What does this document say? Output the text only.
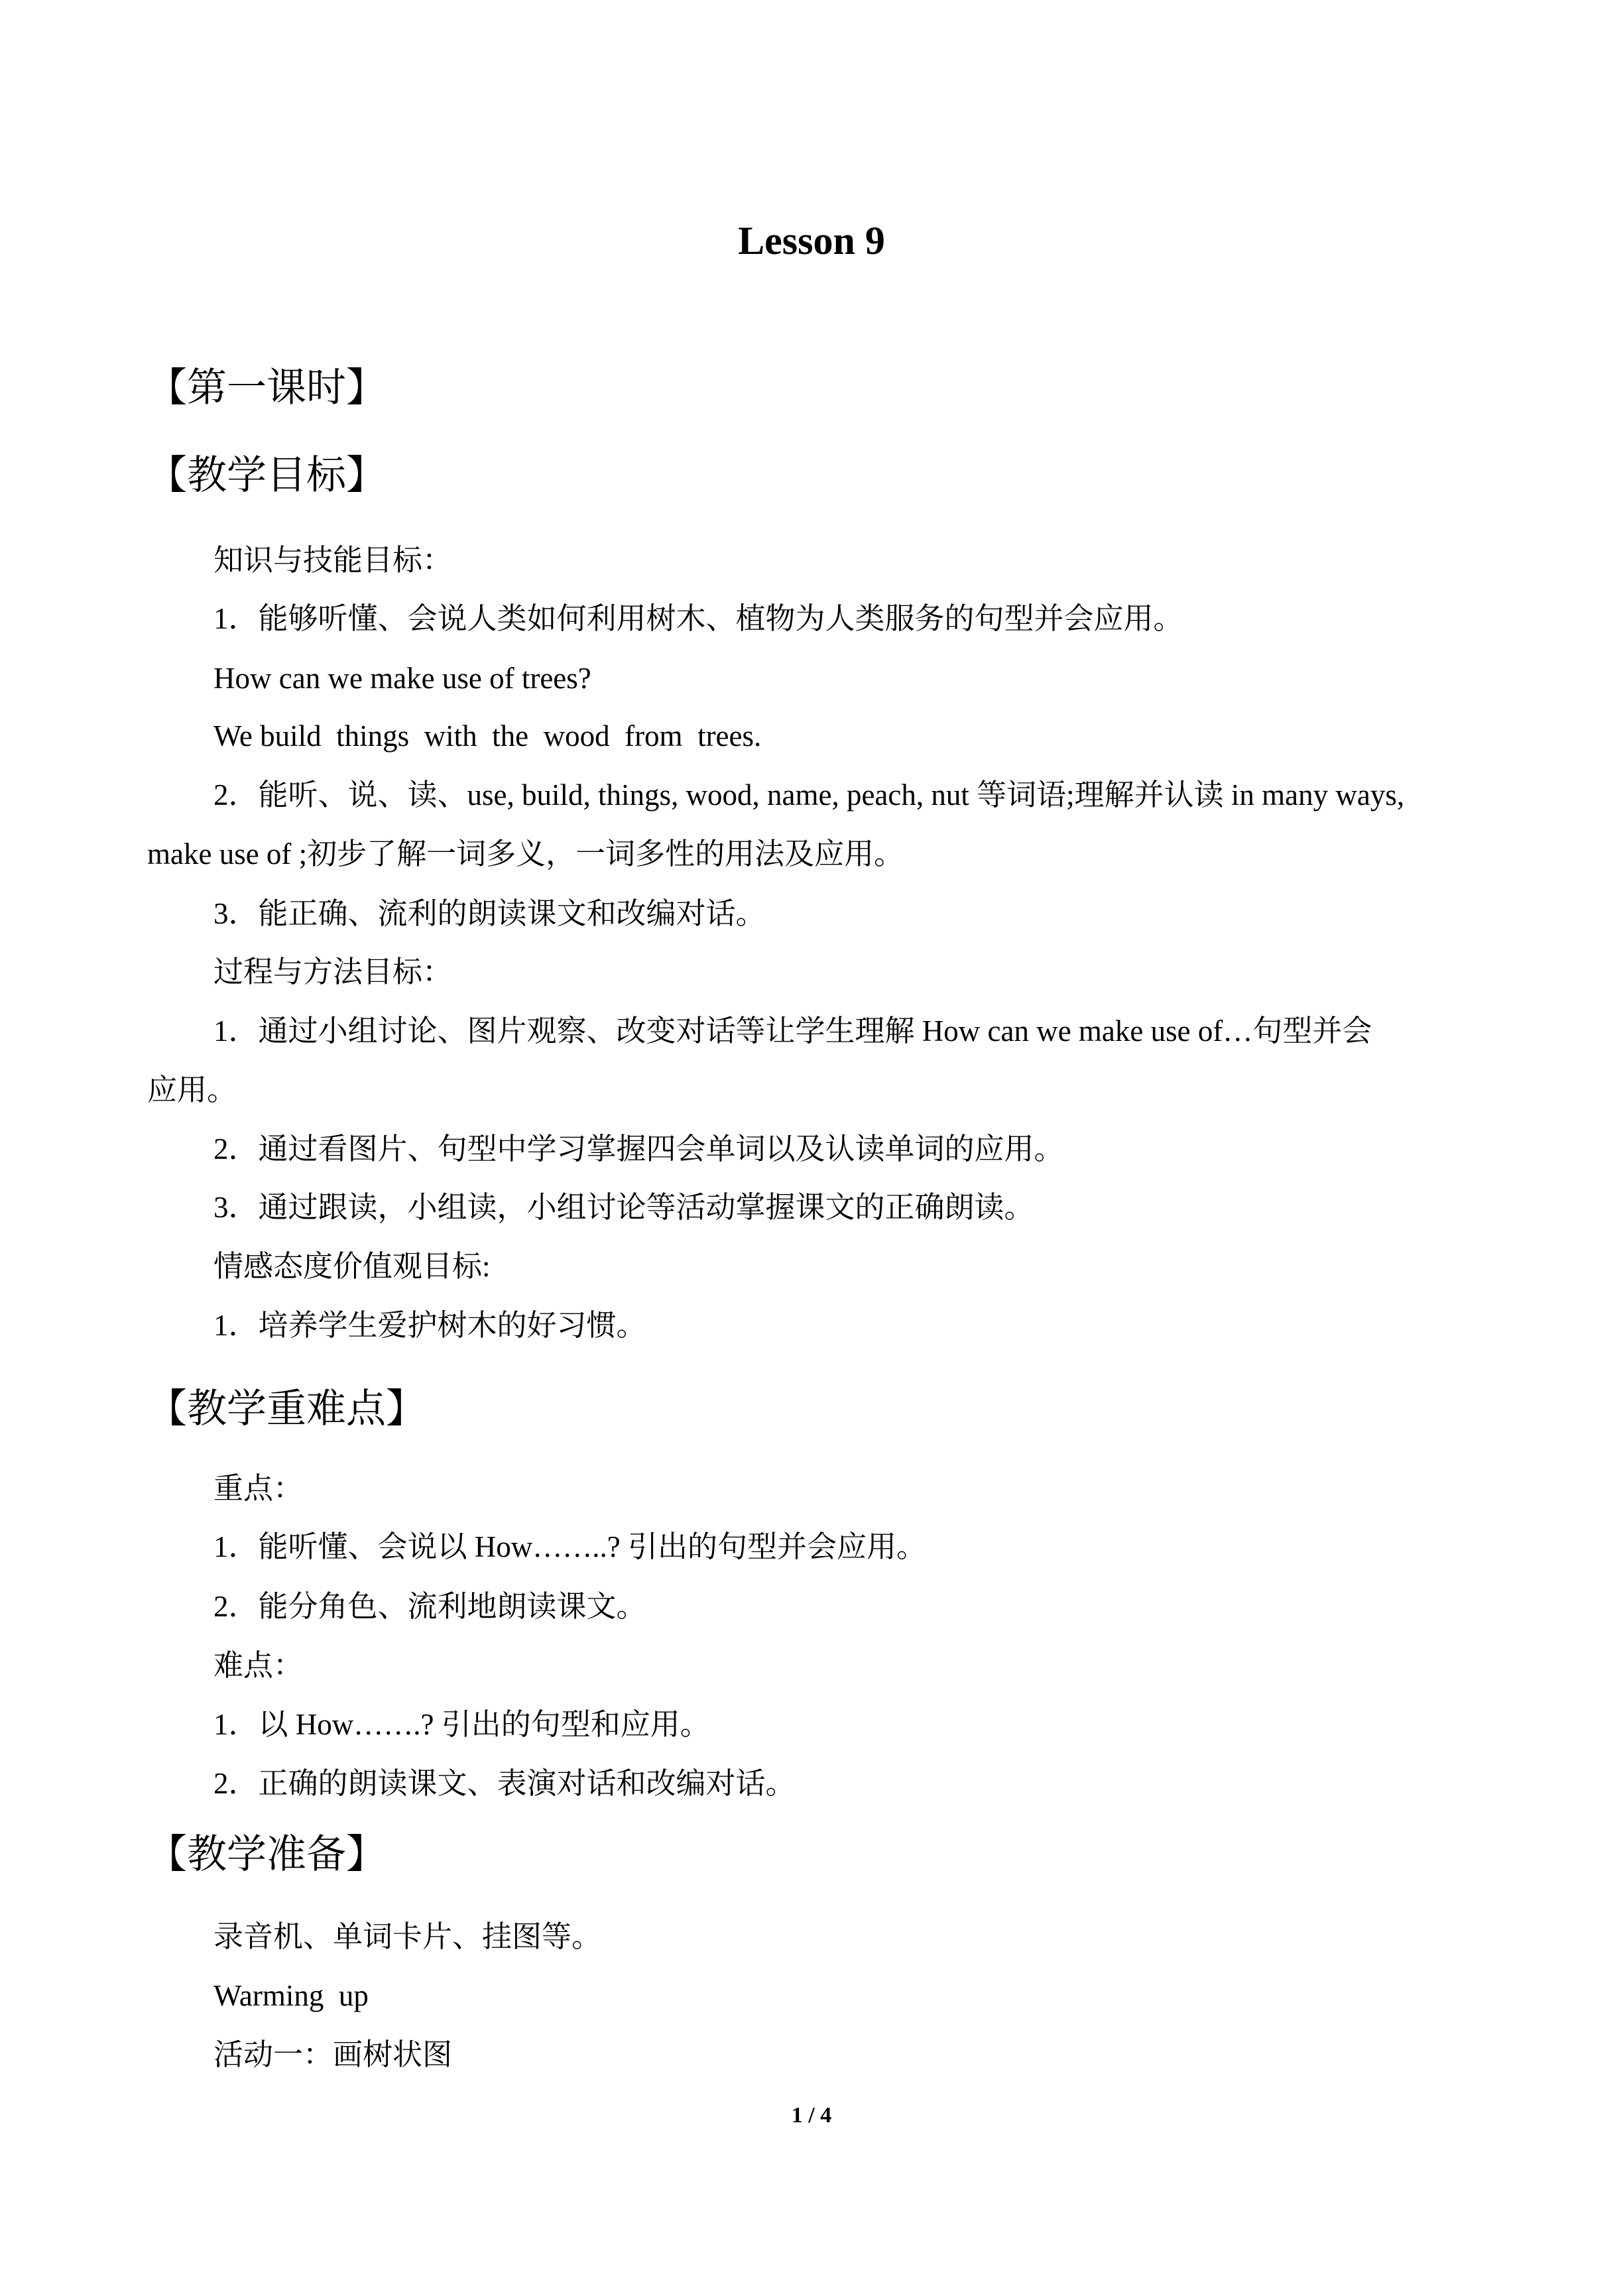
Lesson 9
【第一课时】
【教学目标】
知识与技能目标：
1．能够听懂、会说人类如何利用树木、植物为人类服务的句型并会应用。
How can we make use of trees?
We build  things  with  the  wood  from  trees.
2．能听、说、读、use, build, things, wood, name, peach, nut 等词语;理解并认读 in many ways,
make use of ;初步了解一词多义，一词多性的用法及应用。
3．能正确、流利的朗读课文和改编对话。
过程与方法目标：
1．通过小组讨论、图片观察、改变对话等让学生理解 How can we make use of…句型并会
应用。
2．通过看图片、句型中学习掌握四会单词以及认读单词的应用。
3．通过跟读，小组读，小组讨论等活动掌握课文的正确朗读。
情感态度价值观目标:
1．培养学生爱护树木的好习惯。
【教学重难点】
重点：
1．能听懂、会说以 How……..? 引出的句型并会应用。
2．能分角色、流利地朗读课文。
难点：
1．以 How…….? 引出的句型和应用。
2．正确的朗读课文、表演对话和改编对话。
【教学准备】
录音机、单词卡片、挂图等。
Warming  up
活动一：画树状图
1 / 4
